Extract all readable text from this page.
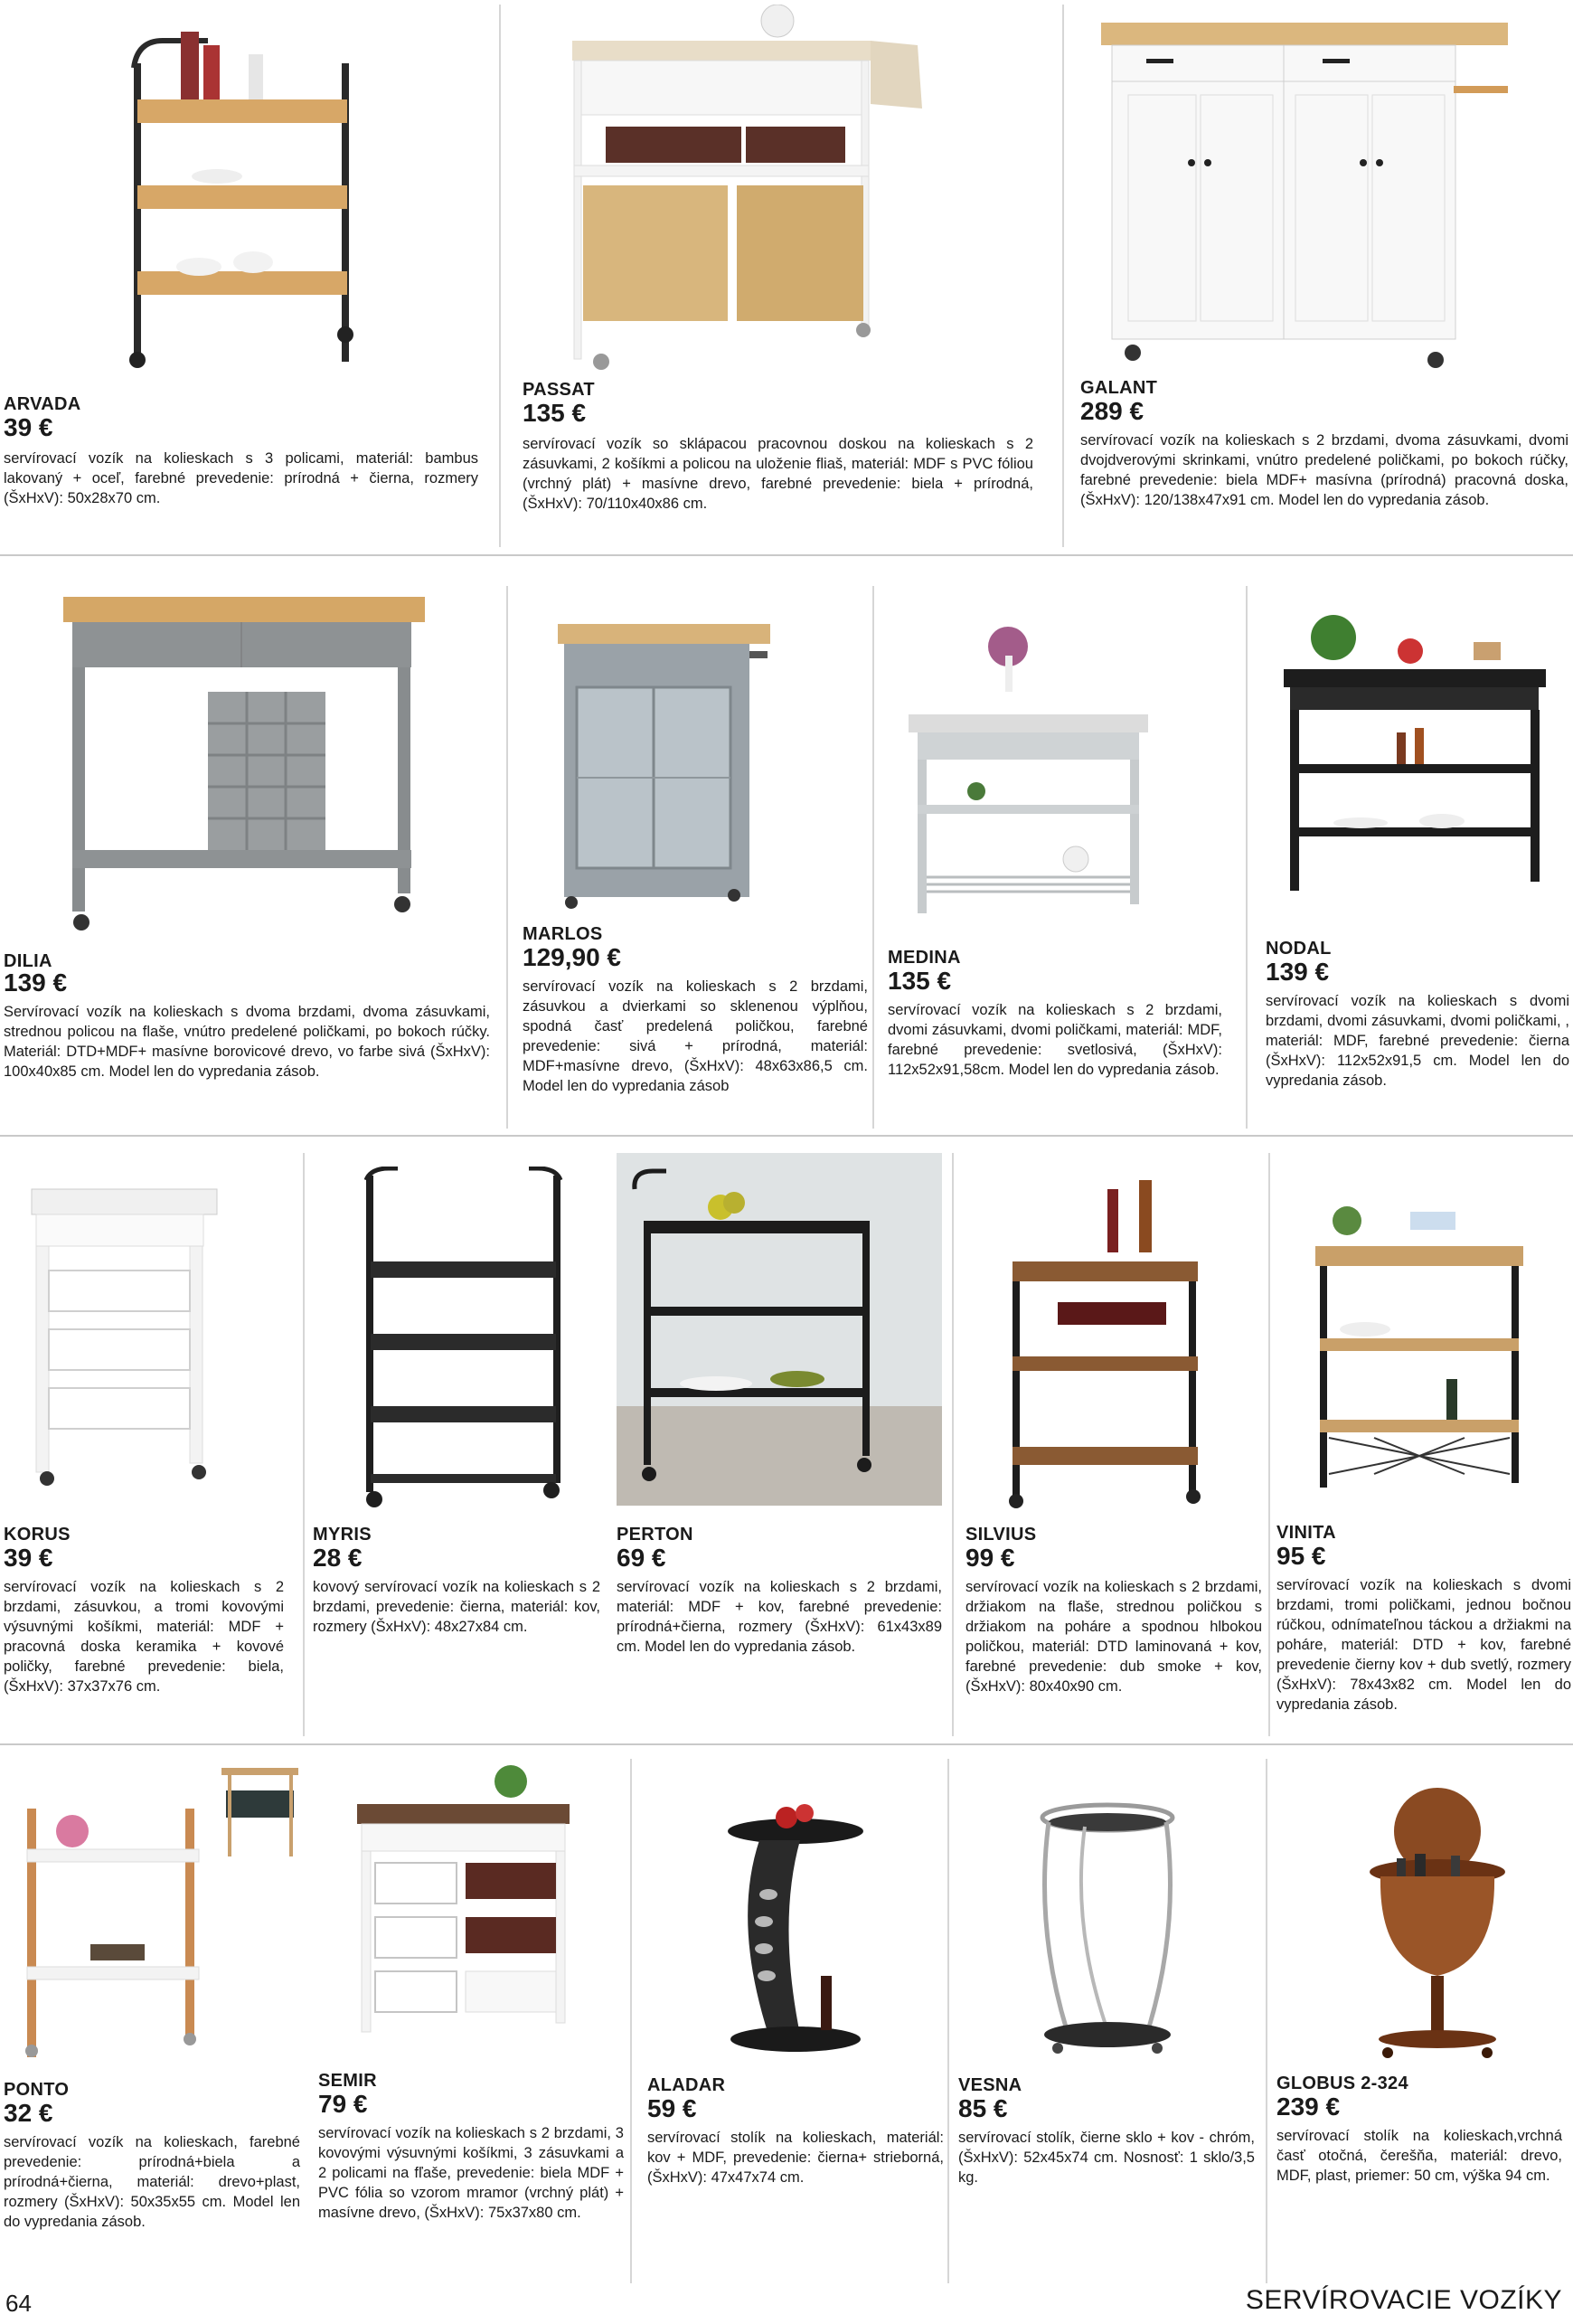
ARVADA
39 €
servírovací vozík na kolieskach s 3 policami, materiál: bambus lakovaný + oceľ, farebné prevedenie: prírodná + čierna, rozmery (ŠxHxV): 50x28x70 cm.
PASSAT
135 €
servírovací vozík so sklápacou pracovnou doskou na kolieskach s 2 zásuvkami, 2 košíkmi a policou na uloženie fliaš, materiál: MDF s PVC fóliou (vrchný plát) + masívne drevo, farebné prevedenie: biela + prírodná, (ŠxHxV): 70/110x40x86 cm.
GALANT
289 €
servírovací vozík na kolieskach s 2 brzdami, dvoma zásuvkami, dvomi dvojdverovými skrinkami, vnútro predelené poličkami, po bokoch rúčky, farebné prevedenie: biela MDF+ masívna (prírodná) pracovná doska, (ŠxHxV): 120/138x47x91 cm. Model len do vypredania zásob.
DILIA
139 €
Servírovací vozík na kolieskach s dvoma brzdami, dvoma zásuvkami, strednou policou na flaše, vnútro predelené poličkami, po bokoch rúčky. Materiál: DTD+MDF+ masívne borovicové drevo, vo farbe sivá (ŠxHxV): 100x40x85 cm. Model len do vypredania zásob.
MARLOS
129,90 €
servírovací vozík na kolieskach s 2 brzdami, zásuvkou a dvierkami so sklenenou výplňou, spodná časť predelená poličkou, farebné prevedenie: sivá + prírodná, materiál: MDF+masívne drevo, (ŠxHxV): 48x63x86,5 cm. Model len do vypredania zásob
MEDINA
135 €
servírovací vozík na kolieskach s 2 brzdami, dvomi zásuvkami, dvomi poličkami, materiál: MDF, farebné prevedenie: svetlosivá, (ŠxHxV): 112x52x91,58cm. Model len do vypredania zásob.
NODAL
139 €
servírovací vozík na kolieskach s dvomi brzdami, dvomi zásuvkami, dvomi poličkami, , materiál: MDF, farebné prevedenie: čierna (ŠxHxV): 112x52x91,5 cm. Model len do vypredania zásob.
KORUS
39 €
servírovací vozík na kolieskach s 2 brzdami, zásuvkou, a tromi kovovými výsuvnými košíkmi, materiál: MDF + pracovná doska keramika + kovové poličky, farebné prevedenie: biela, (ŠxHxV): 37x37x76 cm.
MYRIS
28 €
kovový servírovací vozík na kolieskach s 2 brzdami, prevedenie: čierna, materiál: kov, rozmery (ŠxHxV): 48x27x84 cm.
PERTON
69 €
servírovací vozík na kolieskach s 2 brzdami, materiál: MDF + kov, farebné prevedenie: prírodná+čierna, rozmery (ŠxHxV): 61x43x89 cm. Model len do vypredania zásob.
SILVIUS
99 €
servírovací vozík na kolieskach s 2 brzdami, držiakom na flaše, strednou poličkou s držiakom na poháre a spodnou hlbokou poličkou, materiál: DTD laminovaná + kov, farebné prevedenie: dub smoke + kov, (ŠxHxV): 80x40x90 cm.
VINITA
95 €
servírovací vozík na kolieskach s dvomi brzdami, tromi poličkami, jednou bočnou rúčkou, odnímateľnou táckou a držiakmi na poháre, materiál: DTD + kov, farebné prevedenie čierny kov + dub svetlý, rozmery (ŠxHxV): 78x43x82 cm. Model len do vypredania zásob.
PONTO
32 €
servírovací vozík na kolieskach, farebné prevedenie: prírodná+biela a prírodná+čierna, materiál: drevo+plast, rozmery (ŠxHxV): 50x35x55 cm. Model len do vypredania zásob.
SEMIR
79 €
servírovací vozík na kolieskach s 2 brzdami, 3 kovovými výsuvnými košíkmi, 3 zásuvkami a 2 policami na fľaše, prevedenie: biela MDF + PVC fólia so vzorom mramor (vrchný plát) + masívne drevo, (ŠxHxV): 75x37x80 cm.
ALADAR
59 €
servírovací stolík na kolieskach, materiál: kov + MDF, prevedenie: čierna+ strieborná, (ŠxHxV): 47x47x74 cm.
VESNA
85 €
servírovací stolík, čierne sklo + kov - chróm, (ŠxHxV): 52x45x74 cm. Nosnosť: 1 sklo/3,5 kg.
GLOBUS 2-324
239 €
servírovací stolík na kolieskach,vrchná časť otočná, čerešňa, materiál: drevo, MDF, plast, priemer: 50 cm, výška 94 cm.
64	SERVÍROVACIE VOZÍKY
